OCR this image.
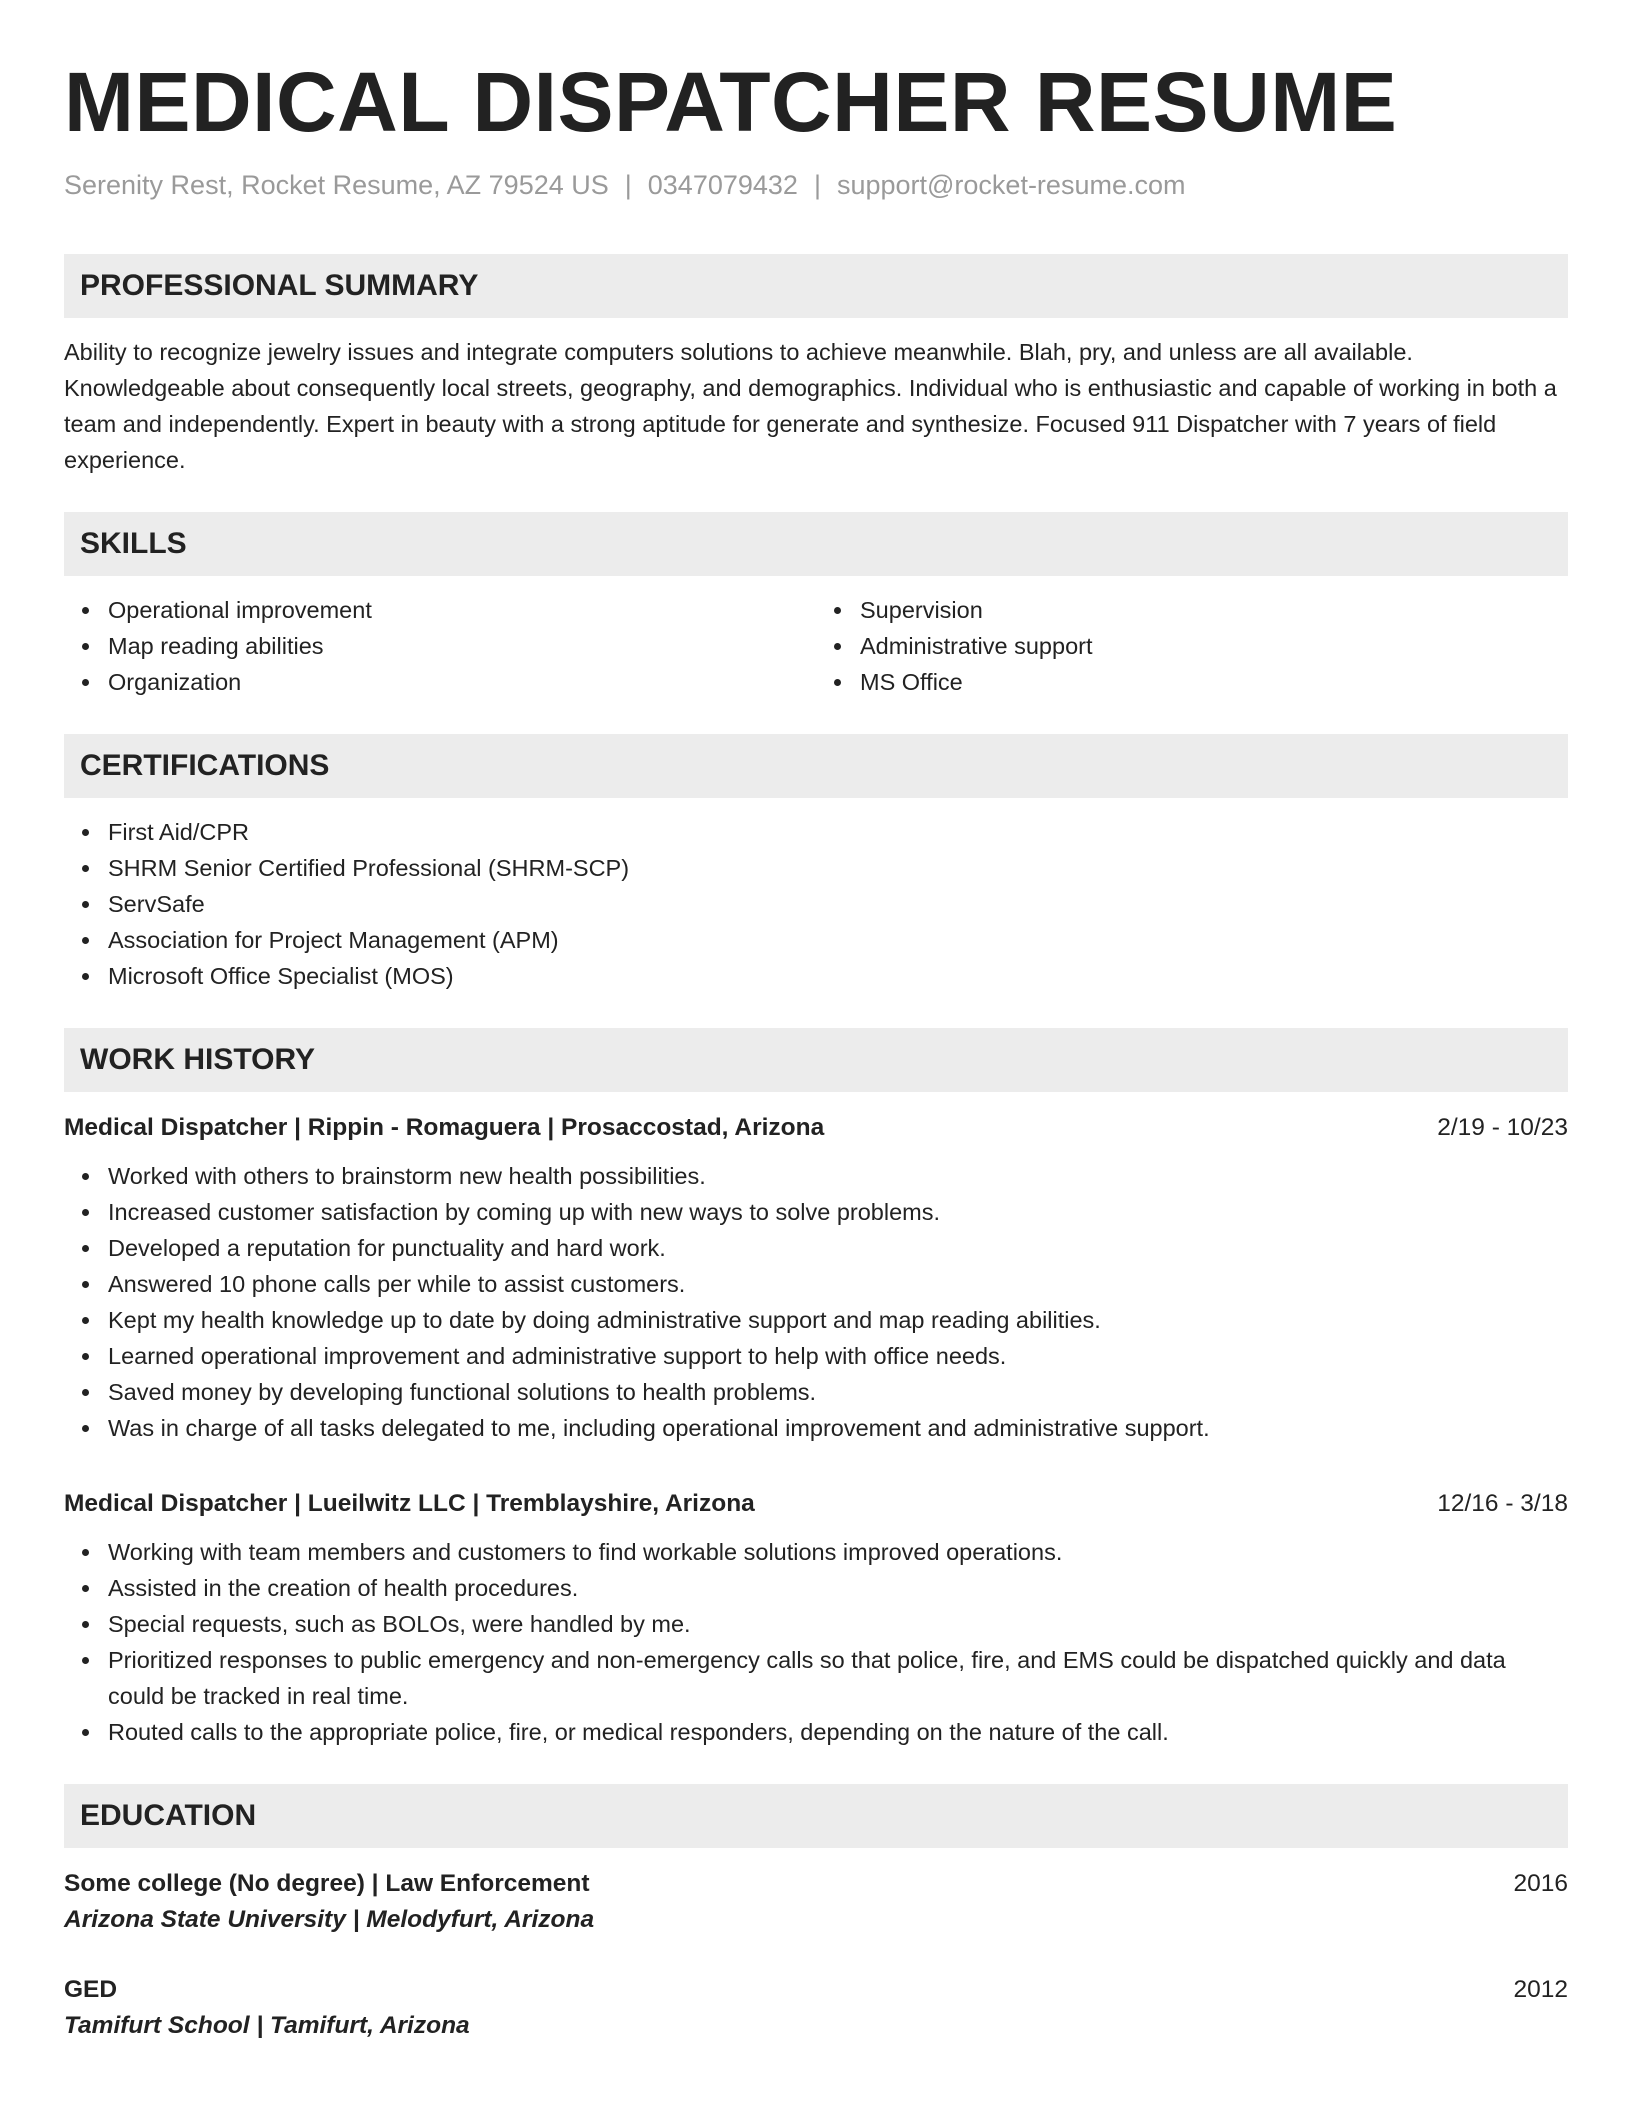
MEDICAL DISPATCHER RESUME
Serenity Rest, Rocket Resume, AZ 79524 US | 0347079432 | support@rocket-resume.com
PROFESSIONAL SUMMARY
Ability to recognize jewelry issues and integrate computers solutions to achieve meanwhile. Blah, pry, and unless are all available. Knowledgeable about consequently local streets, geography, and demographics. Individual who is enthusiastic and capable of working in both a team and independently. Expert in beauty with a strong aptitude for generate and synthesize. Focused 911 Dispatcher with 7 years of field experience.
SKILLS
Operational improvement
Map reading abilities
Organization
Supervision
Administrative support
MS Office
CERTIFICATIONS
First Aid/CPR
SHRM Senior Certified Professional (SHRM-SCP)
ServSafe
Association for Project Management (APM)
Microsoft Office Specialist (MOS)
WORK HISTORY
Medical Dispatcher | Rippin - Romaguera | Prosaccostad, Arizona	2/19 - 10/23
Worked with others to brainstorm new health possibilities.
Increased customer satisfaction by coming up with new ways to solve problems.
Developed a reputation for punctuality and hard work.
Answered 10 phone calls per while to assist customers.
Kept my health knowledge up to date by doing administrative support and map reading abilities.
Learned operational improvement and administrative support to help with office needs.
Saved money by developing functional solutions to health problems.
Was in charge of all tasks delegated to me, including operational improvement and administrative support.
Medical Dispatcher | Lueilwitz LLC | Tremblayshire, Arizona	12/16 - 3/18
Working with team members and customers to find workable solutions improved operations.
Assisted in the creation of health procedures.
Special requests, such as BOLOs, were handled by me.
Prioritized responses to public emergency and non-emergency calls so that police, fire, and EMS could be dispatched quickly and data could be tracked in real time.
Routed calls to the appropriate police, fire, or medical responders, depending on the nature of the call.
EDUCATION
Some college (No degree) | Law Enforcement	2016
Arizona State University | Melodyfurt, Arizona
GED	2012
Tamifurt School | Tamifurt, Arizona
